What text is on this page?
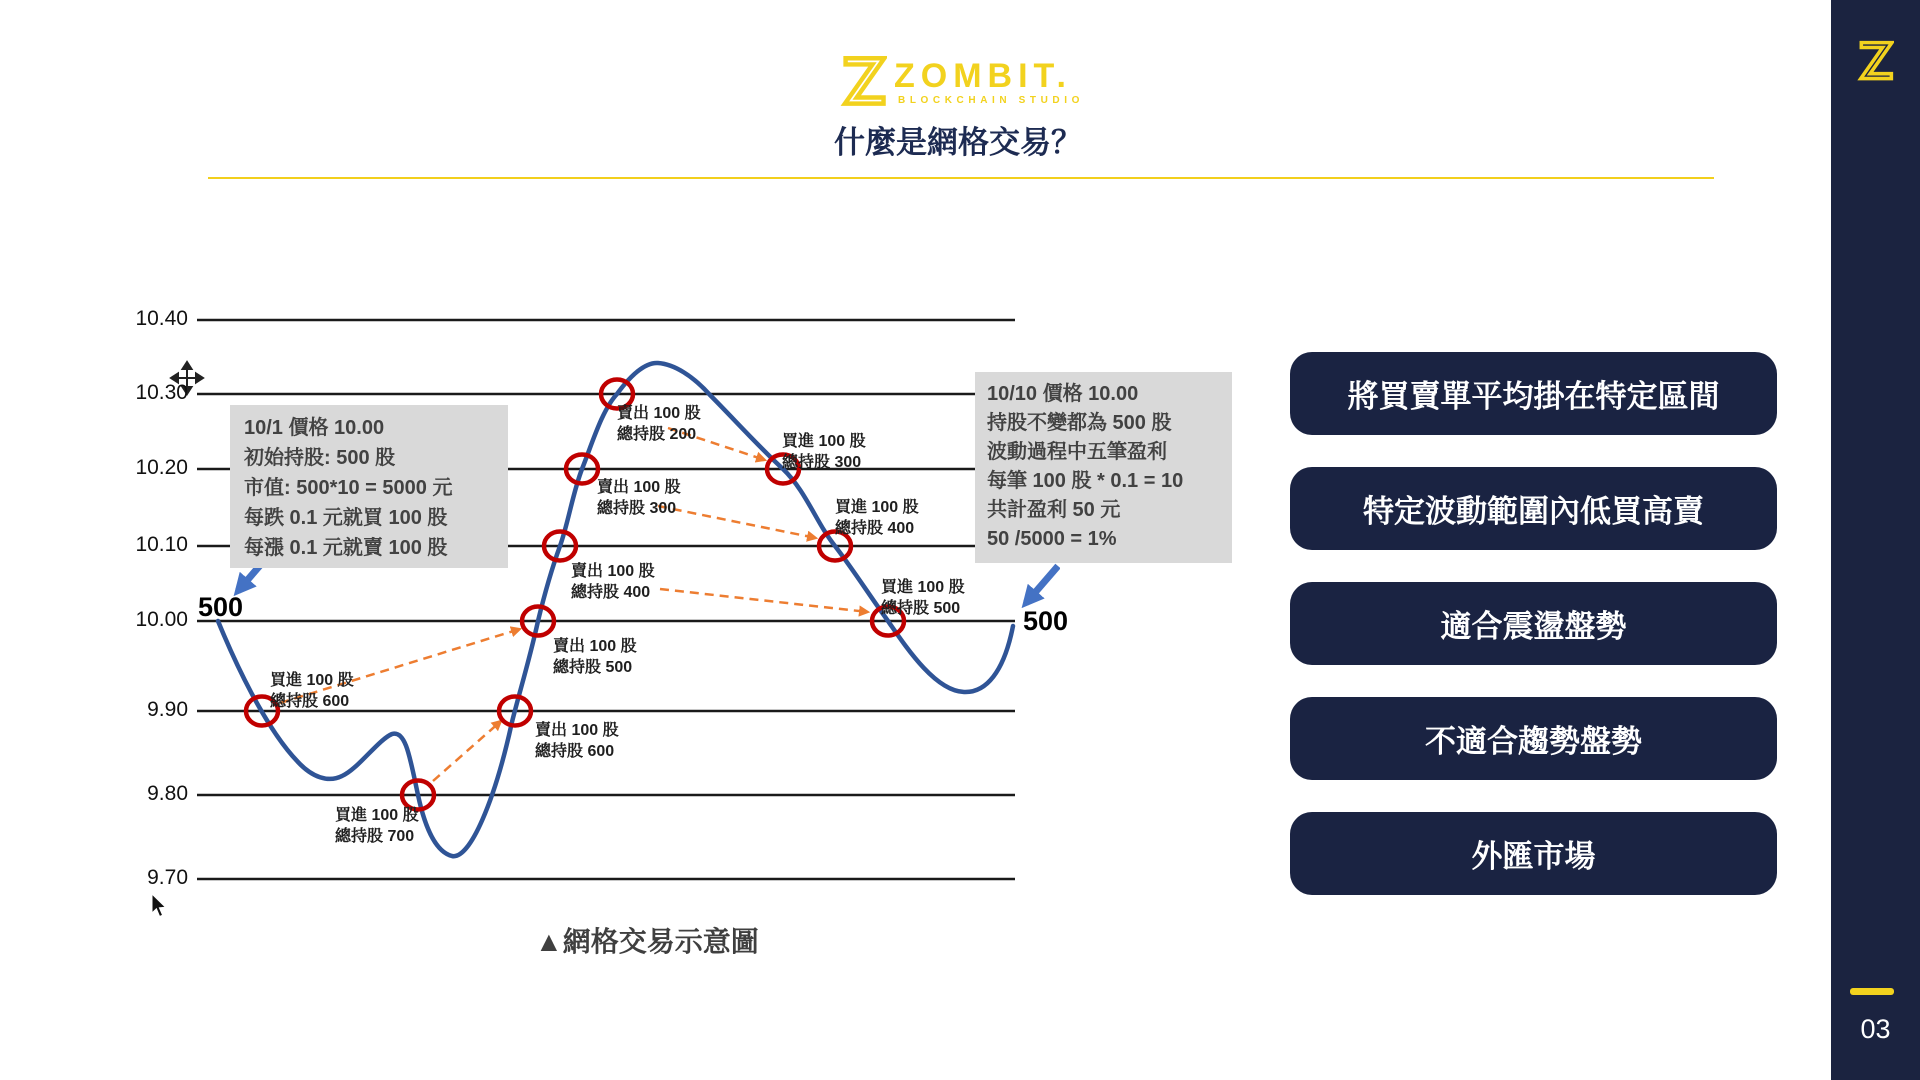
ZOMBIT.
BLOCKCHAIN STUDIO
什麼是網格交易？
10.40
10.30
10.20
10.10
10.00
9.90
9.80
9.70
500	500
賣出 100 股
總持股 200	買進 100 股
總持股 300
賣出 100 股
總持股 300	買進 100 股
總持股 400
賣出 100 股
總持股 400	買進 100 股
總持股 500
賣出 100 股
總持股 500
買進 100 股
總持股 600
賣出 100 股
總持股 600
買進 100 股
總持股 700
10/1 價格 10.00
初始持股: 500 股
市值: 500*10 = 5000 元
每跌 0.1 元就買 100 股
每漲 0.1 元就賣 100 股
10/10 價格 10.00
持股不變都為 500 股
波動過程中五筆盈利
每筆 100 股 * 0.1 = 10
共計盈利 50 元
50 /5000 = 1%
▲網格交易示意圖
將買賣單平均掛在特定區間
特定波動範圍內低買高賣
適合震盪盤勢
不適合趨勢盤勢
外匯市場
03
